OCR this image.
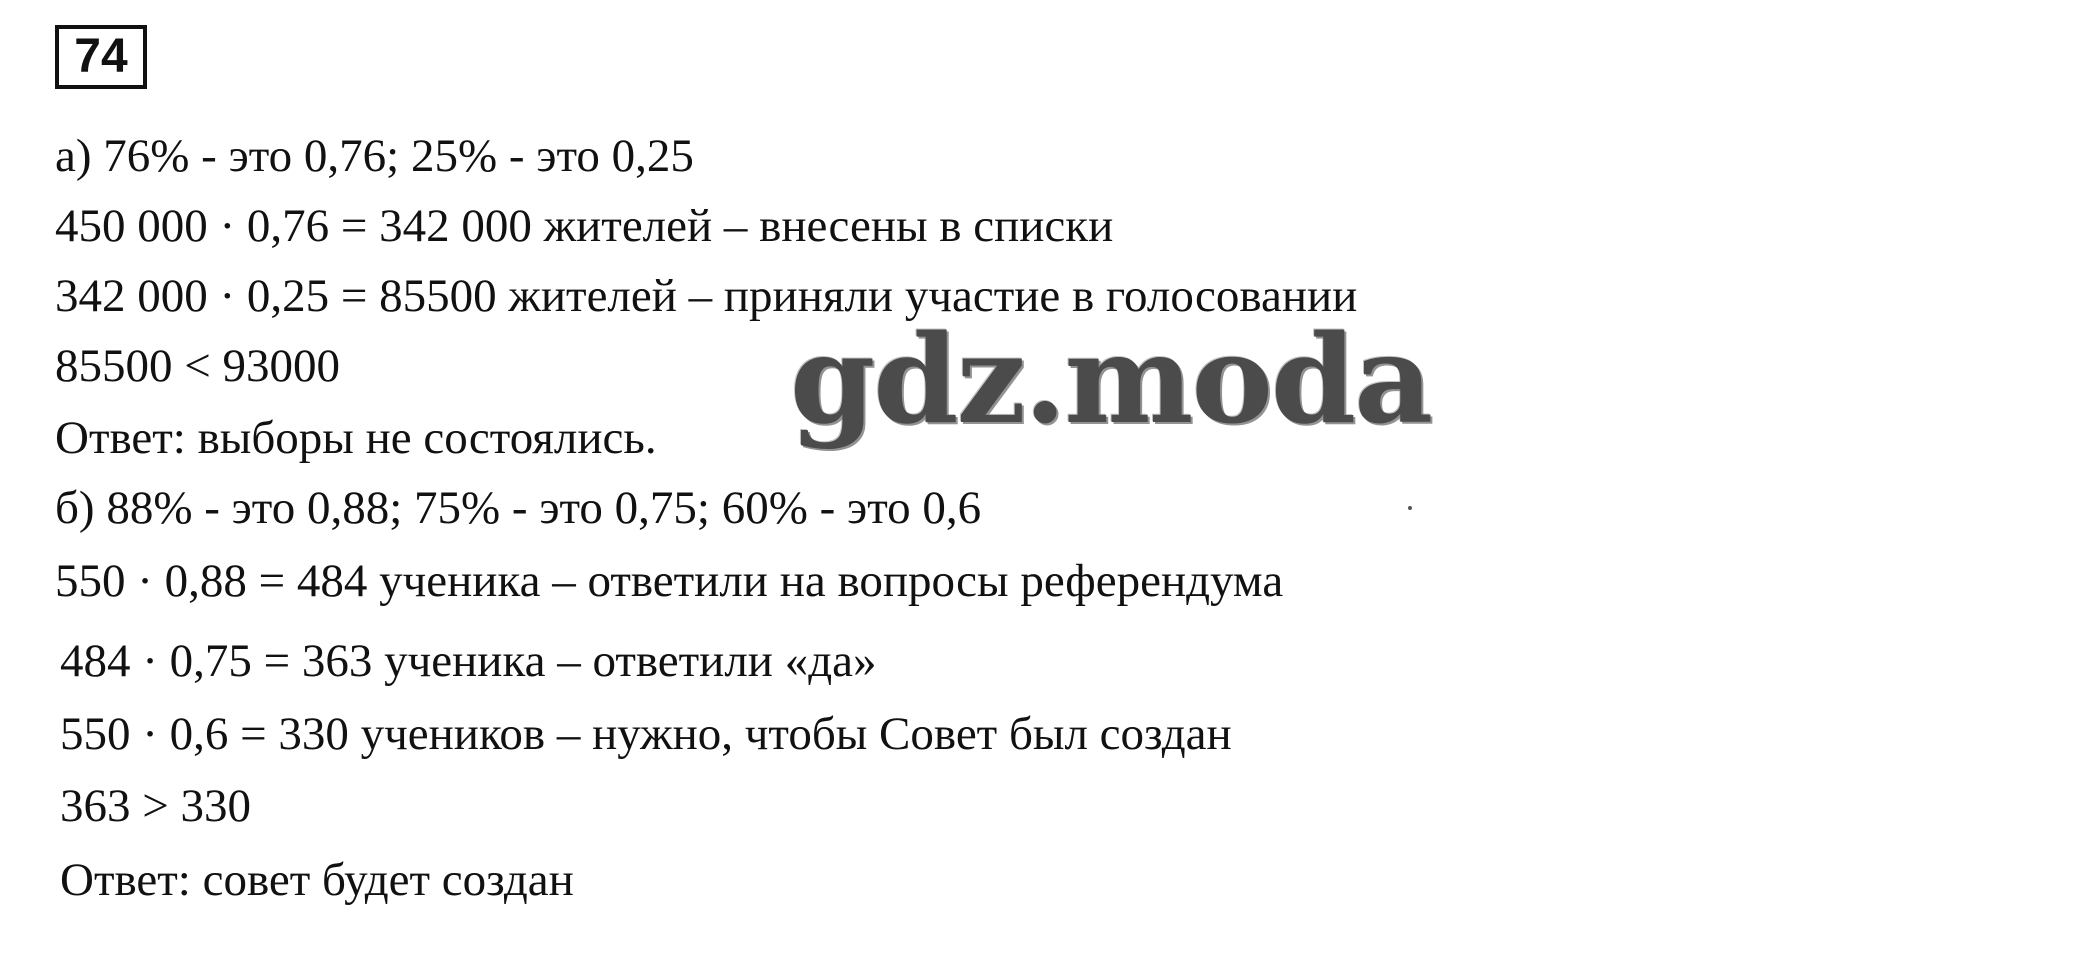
74
а) 76% - это 0,76; 25% - это 0,25
450 000 · 0,76 = 342 000 жителей – внесены в списки
342 000 · 0,25 = 85500 жителей – приняли участие в голосовании
85500 < 93000
Ответ: выборы не состоялись.
б) 88% - это 0,88; 75% - это 0,75; 60% - это 0,6
550 · 0,88 = 484 ученика – ответили на вопросы референдума
484 · 0,75 = 363 ученика – ответили «да»
550 · 0,6 = 330 учеников – нужно, чтобы Совет был создан
363 > 330
Ответ: совет будет создан
gdz.moda
